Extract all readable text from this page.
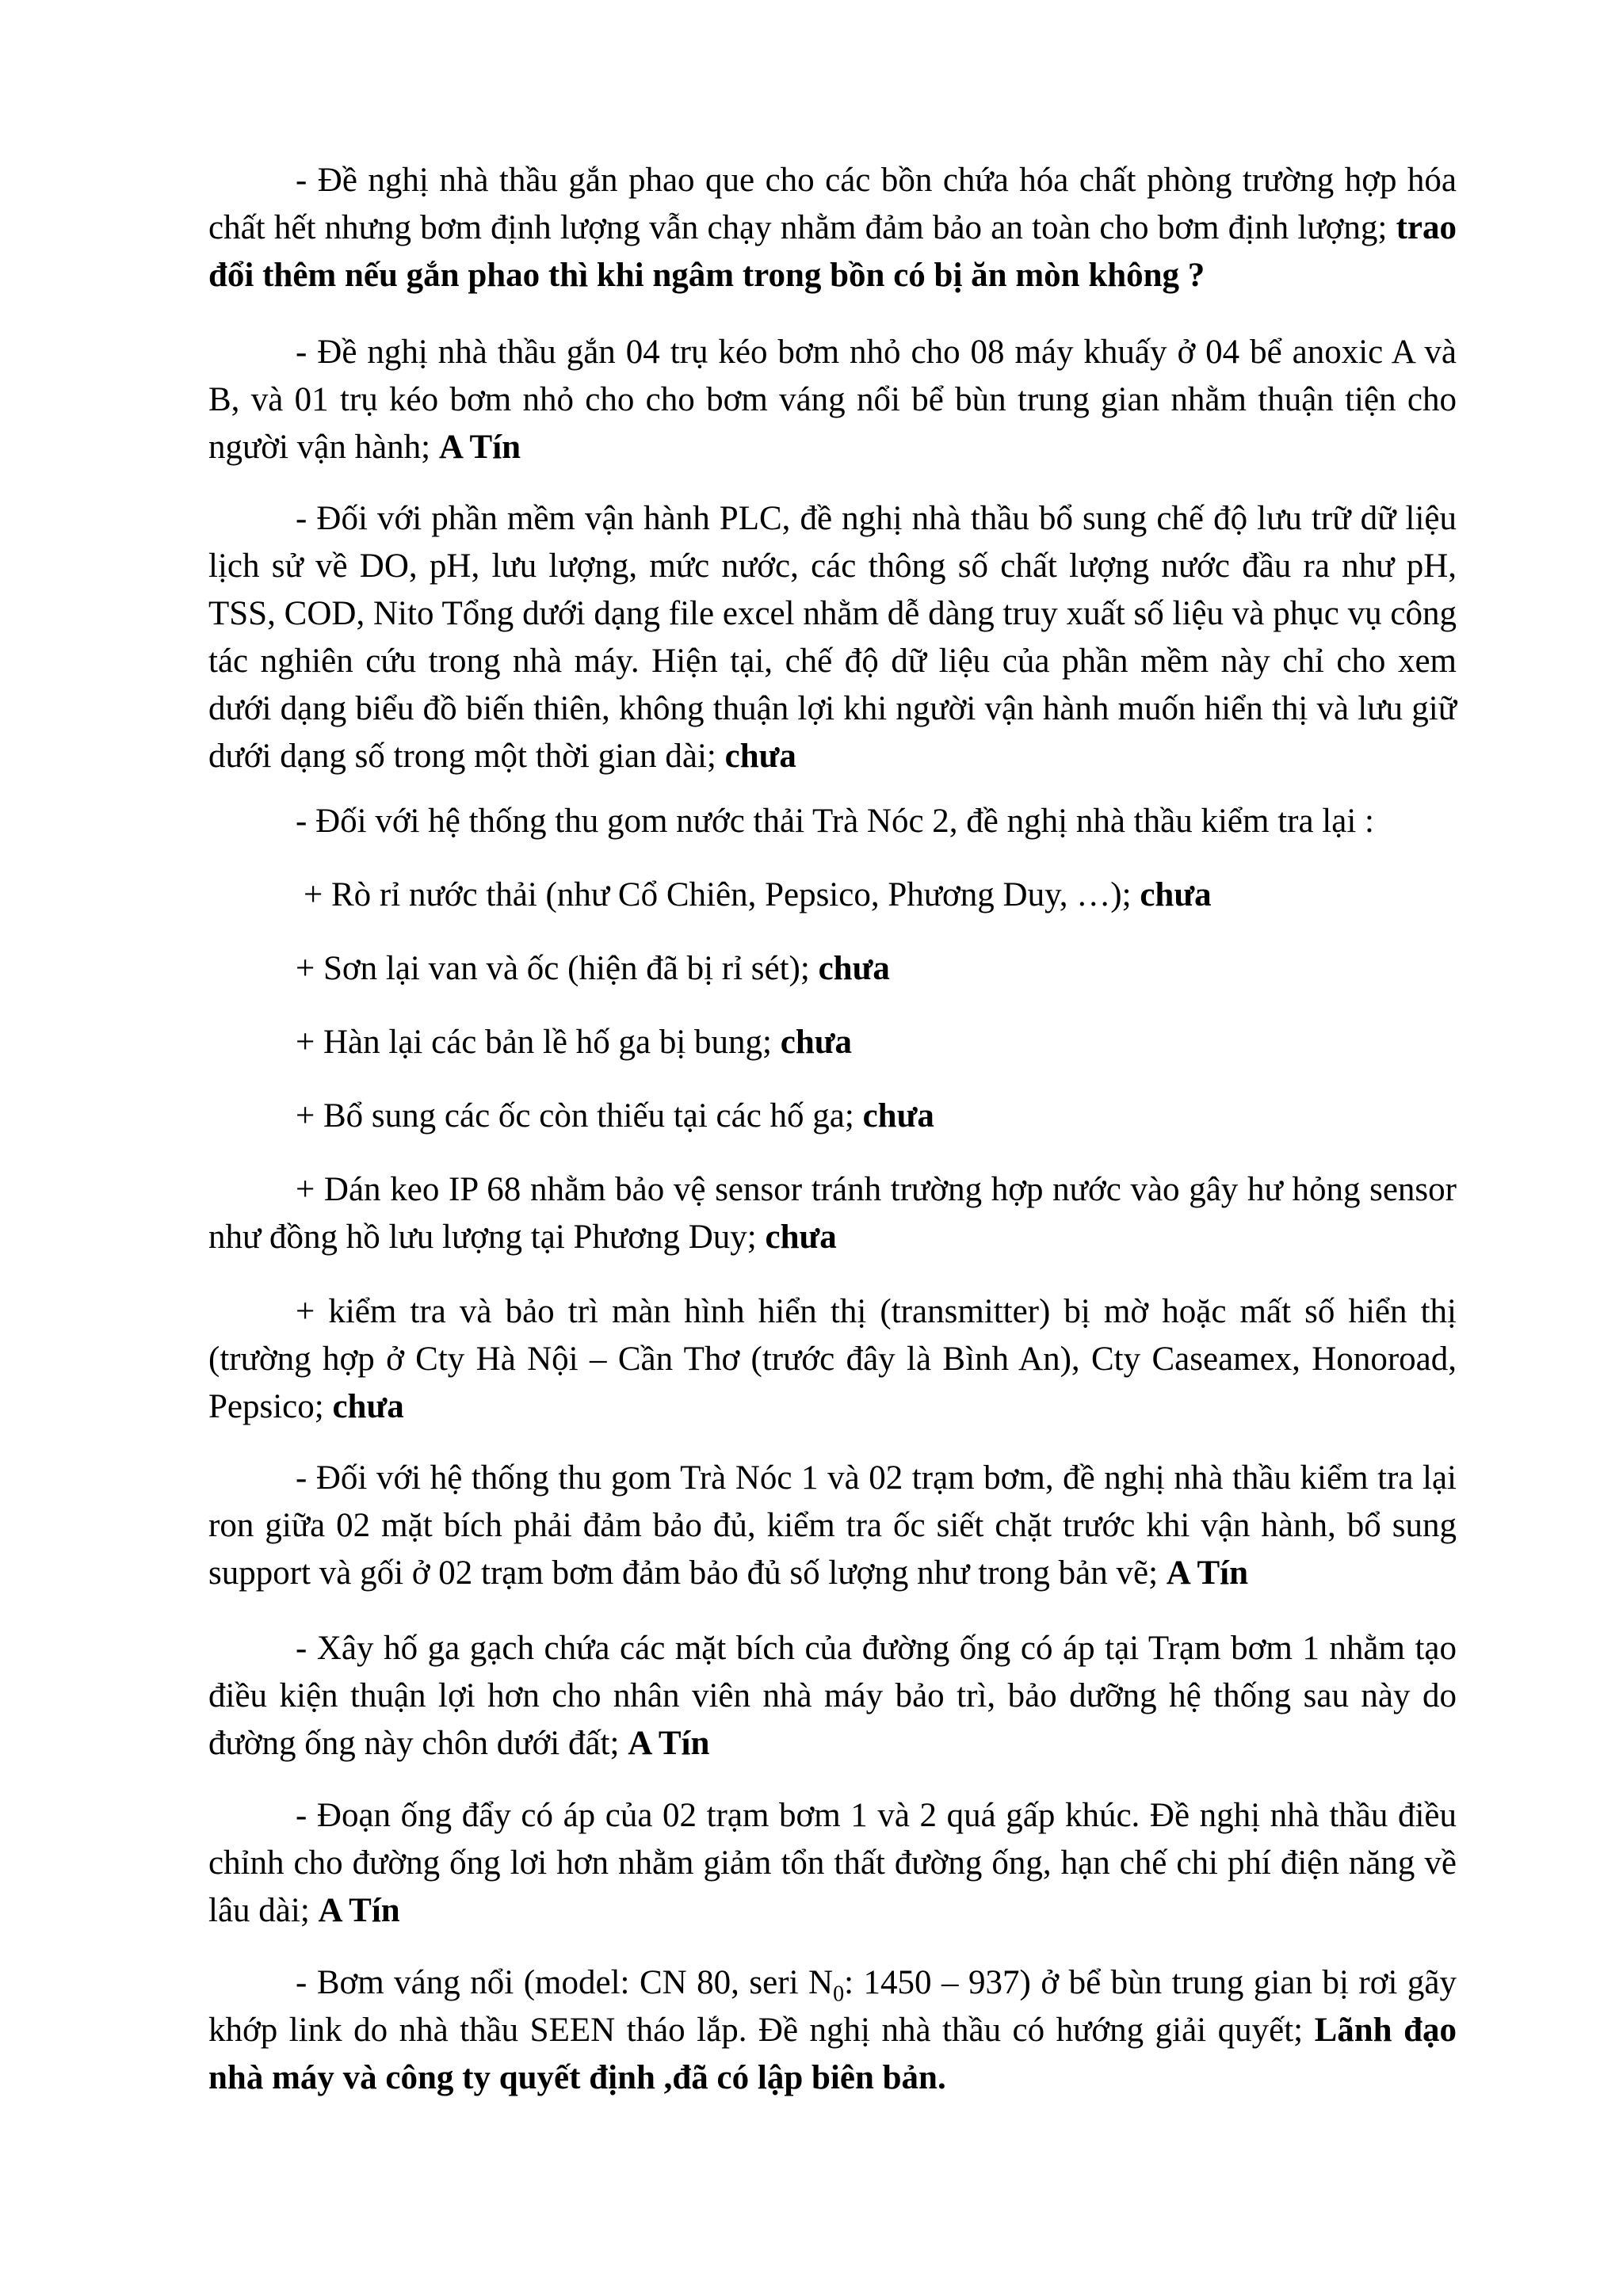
- Đề nghị nhà thầu gắn phao que cho các bồn chứa hóa chất phòng trường hợp hóa chất hết nhưng bơm định lượng vẫn chạy nhằm đảm bảo an toàn cho bơm định lượng; trao đổi thêm nếu gắn phao thì khi ngâm trong bồn có bị ăn mòn không ?

- Đề nghị nhà thầu gắn 04 trụ kéo bơm nhỏ cho 08 máy khuấy ở 04 bể anoxic A và B, và 01 trụ kéo bơm nhỏ cho cho bơm váng nổi bể bùn trung gian nhằm thuận tiện cho người vận hành; A Tín

- Đối với phần mềm vận hành PLC, đề nghị nhà thầu bổ sung chế độ lưu trữ dữ liệu lịch sử về DO, pH, lưu lượng, mức nước, các thông số chất lượng nước đầu ra như pH, TSS, COD, Nito Tổng dưới dạng file excel nhằm dễ dàng truy xuất số liệu và phục vụ công tác nghiên cứu trong nhà máy. Hiện tại, chế độ dữ liệu của phần mềm này chỉ cho xem dưới dạng biểu đồ biến thiên, không thuận lợi khi người vận hành muốn hiển thị và lưu giữ dưới dạng số trong một thời gian dài; chưa

- Đối với hệ thống thu gom nước thải Trà Nóc 2, đề nghị nhà thầu kiểm tra lại :

+ Rò rỉ nước thải (như Cổ Chiên, Pepsico, Phương Duy, …); chưa

+ Sơn lại van và ốc (hiện đã bị rỉ sét); chưa

+ Hàn lại các bản lề hố ga bị bung; chưa

+ Bổ sung các ốc còn thiếu tại các hố ga; chưa

+ Dán keo IP 68 nhằm bảo vệ sensor tránh trường hợp nước vào gây hư hỏng sensor như đồng hồ lưu lượng tại Phương Duy; chưa

+ kiểm tra và bảo trì màn hình hiển thị (transmitter) bị mờ hoặc mất số hiển thị (trường hợp ở Cty Hà Nội – Cần Thơ (trước đây là Bình An), Cty Caseamex, Honoroad, Pepsico; chưa

- Đối với hệ thống thu gom Trà Nóc 1 và 02 trạm bơm, đề nghị nhà thầu kiểm tra lại ron giữa 02 mặt bích phải đảm bảo đủ, kiểm tra ốc siết chặt trước khi vận hành, bổ sung support và gối ở 02 trạm bơm đảm bảo đủ số lượng như trong bản vẽ; A Tín

- Xây hố ga gạch chứa các mặt bích của đường ống có áp tại Trạm bơm 1 nhằm tạo điều kiện thuận lợi hơn cho nhân viên nhà máy bảo trì, bảo dưỡng hệ thống sau này do đường ống này chôn dưới đất; A Tín

- Đoạn ống đẩy có áp của 02 trạm bơm 1 và 2 quá gấp khúc. Đề nghị nhà thầu điều chỉnh cho đường ống lơi hơn nhằm giảm tổn thất đường ống, hạn chế chi phí điện năng về lâu dài; A Tín

- Bơm váng nổi (model: CN 80, seri $N_0$: 1450 – 937) ở bể bùn trung gian bị rơi gãy khớp link do nhà thầu SEEN tháo lắp. Đề nghị nhà thầu có hướng giải quyết; Lãnh đạo nhà máy và công ty quyết định ,đã có lập biên bản.
